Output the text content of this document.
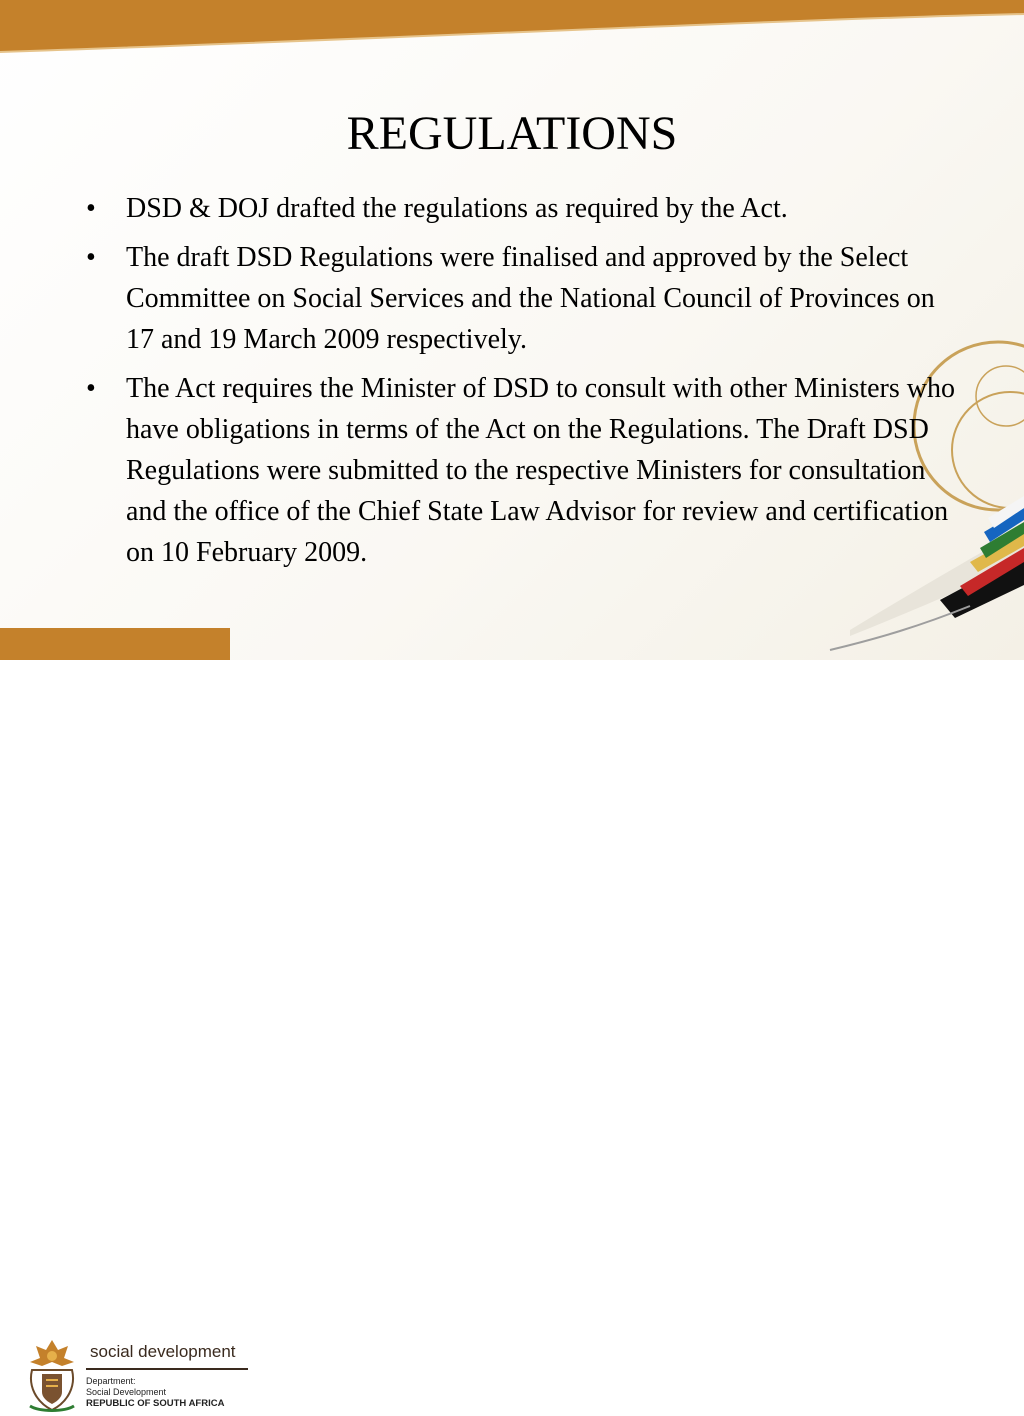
REGULATIONS
• DSD & DOJ drafted the regulations as required by the Act.
• The draft DSD Regulations were finalised and approved by the Select Committee on Social Services and the National Council of Provinces on 17 and 19 March 2009 respectively.
• The Act requires the Minister of DSD to consult with other Ministers who have obligations in terms of the Act on the Regulations. The Draft DSD Regulations were submitted to the respective Ministers for consultation and the office of the Chief State Law Advisor for review and certification on 10 February 2009.
social development
Department:
Social Development
REPUBLIC OF SOUTH AFRICA
